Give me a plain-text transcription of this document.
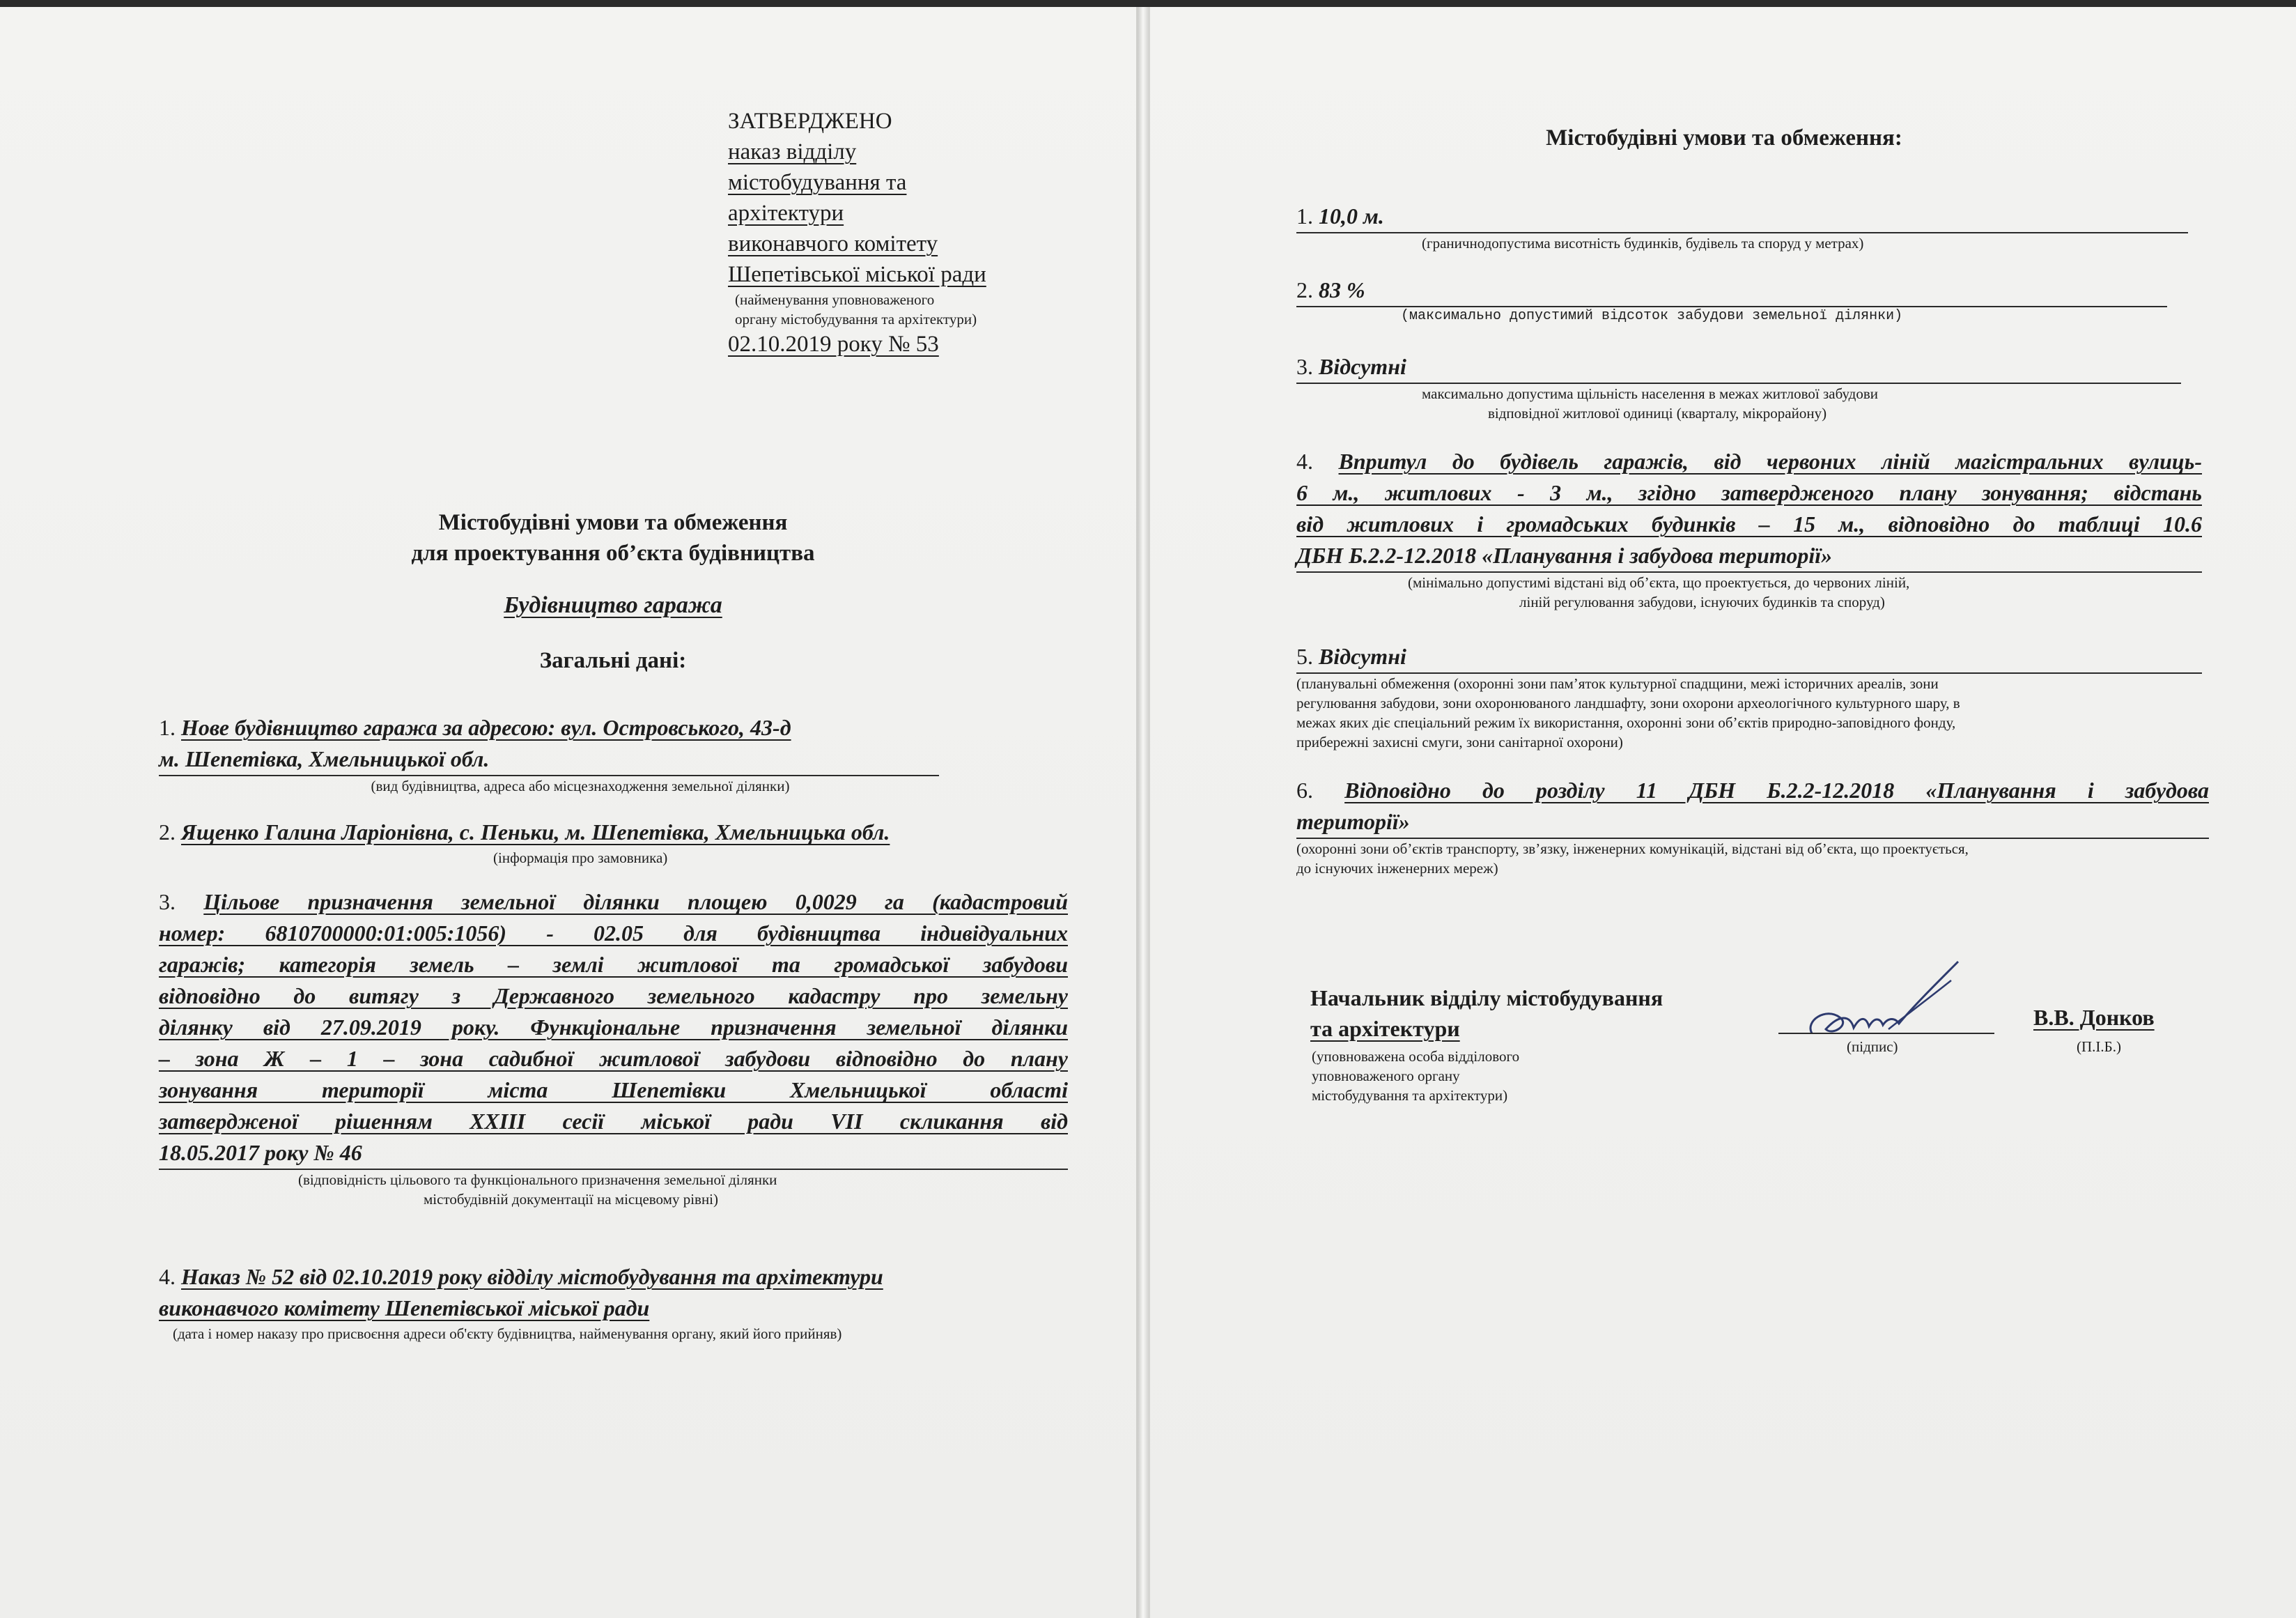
ЗАТВЕРДЖЕНО
наказ відділу
містобудування та
архітектури
виконавчого комітету
Шепетівської міської ради
(найменування уповноваженого
органу містобудування та архітектури)
02.10.2019 року № 53
Містобудівні умови та обмеження
для проектування об’єкта будівництва
Будівництво гаража
Загальні дані:
1. Нове будівництво гаража за адресою: вул. Островського, 43-д
м. Шепетівка, Хмельницької обл.
(вид будівництва, адреса або місцезнаходження земельної ділянки)
2. Ященко Галина Ларіонівна, с. Пеньки, м. Шепетівка, Хмельницька обл.
(інформація про замовника)
3. Цільове призначення земельної ділянки площею 0,0029 га (кадастровий
номер: 6810700000:01:005:1056) - 02.05 для будівництва індивідуальних
гаражів; категорія земель – землі житлової та громадської забудови
відповідно до витягу з Державного земельного кадастру про земельну
ділянку від 27.09.2019 року. Функціональне призначення земельної ділянки
– зона Ж – 1 – зона садибної житлової забудови відповідно до плану
зонування території міста Шепетівки Хмельницької області
затвердженої рішенням XXIII сесії міської ради VII скликання від
18.05.2017 року № 46
(відповідність цільового та функціонального призначення земельної ділянки
містобудівній документації на місцевому рівні)
4. Наказ № 52 від 02.10.2019 року відділу містобудування та архітектури
виконавчого комітету Шепетівської міської ради
(дата і номер наказу про присвоєння адреси об'єкту будівництва, найменування органу, який його прийняв)
Містобудівні умови та обмеження:
1. 10,0 м.
(граничнодопустима висотність будинків, будівель та споруд у метрах)
2. 83 %
(максимально допустимий відсоток забудови земельної ділянки)
3. Відсутні
максимально допустима щільність населення в межах житлової забудови
відповідної житлової одиниці (кварталу, мікрорайону)
4. Впритул до будівель гаражів, від червоних ліній магістральних вулиць-
6 м., житлових - 3 м., згідно затвердженого плану зонування; відстань
від житлових і громадських будинків – 15 м., відповідно до таблиці 10.6
ДБН Б.2.2-12.2018 «Планування і забудова території»
(мінімально допустимі відстані від об’єкта, що проектується, до червоних ліній,
ліній регулювання забудови, існуючих будинків та споруд)
5. Відсутні
(планувальні обмеження (охоронні зони пам’яток культурної спадщини, межі історичних ареалів, зони
регулювання забудови, зони охоронюваного ландшафту, зони охорони археологічного культурного шару, в
межах яких діє спеціальний режим їх використання, охоронні зони об’єктів природно-заповідного фонду,
прибережні захисні смуги, зони санітарної охорони)
6. Відповідно до розділу 11 ДБН Б.2.2-12.2018 «Планування і забудова
території»
(охоронні зони об’єктів транспорту, зв’язку, інженерних комунікацій, відстані від об’єкта, що проектується,
до існуючих інженерних мереж)
Начальник відділу містобудування
та архітектури
(уповноважена особа відділового
уповноваженого органу
містобудування та архітектури)
(підпис)
В.В. Донков
(П.І.Б.)
